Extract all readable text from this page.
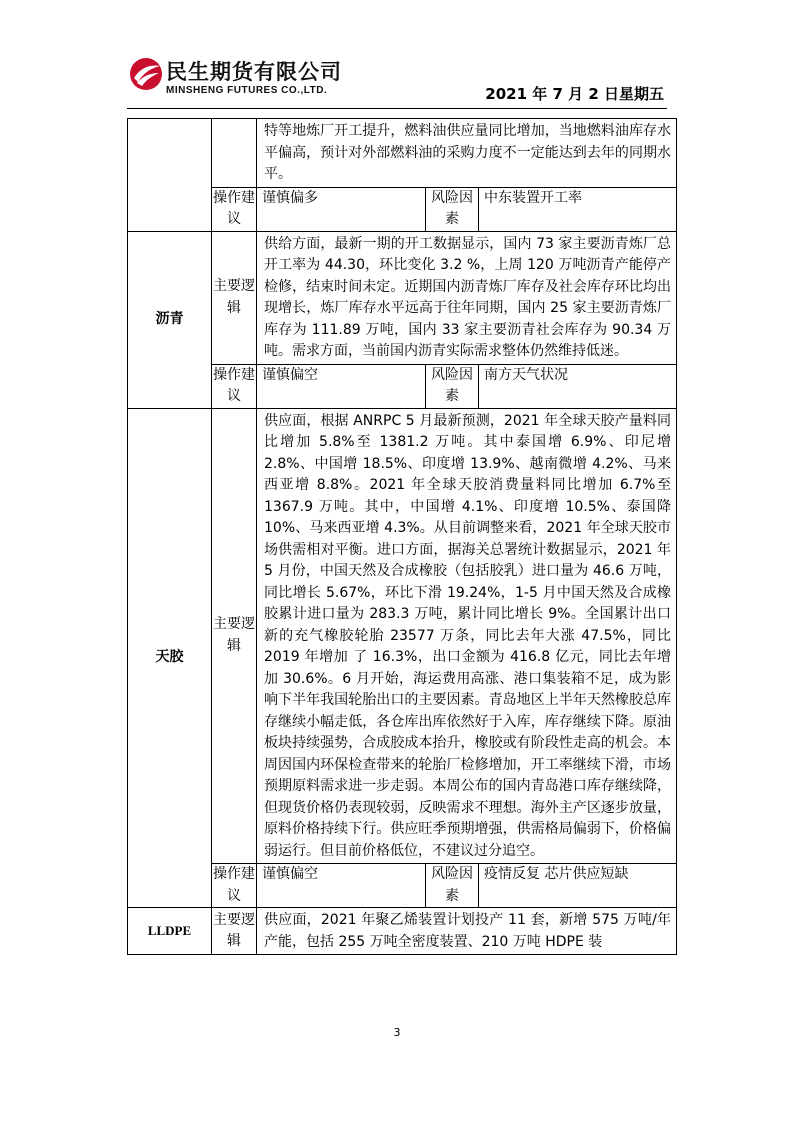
民生期货有限公司
MINSHENG FUTURES CO.,LTD.	2021 年 7 月 2 日星期五
		特等地炼厂开工提升，燃料油供应量同比增加，当地燃料油库存水平偏高，预计对外部燃料油的采购力度不一定能达到去年的同期水平。		
	操作建议	谨慎偏多	风险因素	中东装置开工率
沥青	主要逻辑	供给方面，最新一期的开工数据显示，国内 73 家主要沥青炼厂总开工率为 44.30，环比变化 3.2 %，上周 120 万吨沥青产能停产检修，结束时间未定。近期国内沥青炼厂库存及社会库存环比均出现增长，炼厂库存水平远高于往年同期，国内 25 家主要沥青炼厂库存为 111.89 万吨，国内 33 家主要沥青社会库存为 90.34 万吨。需求方面，当前国内沥青实际需求整体仍然维持低迷。		
	操作建议	谨慎偏空	风险因素	南方天气状况
天胶	主要逻辑	供应面，根据 ANRPC 5 月最新预测，2021 年全球天胶产量料同比增加 5.8%至 1381.2 万吨。其中泰国增 6.9%、印尼增 2.8%、中国增 18.5%、印度增 13.9%、越南微增 4.2%、马来西亚增 8.8%。2021 年全球天胶消费量料同比增加 6.7%至 1367.9 万吨。其中，中国增 4.1%、印度增 10.5%、泰国降 10%、马来西亚增 4.3%。从目前调整来看，2021 年全球天胶市场供需相对平衡。进口方面，据海关总署统计数据显示，2021 年 5 月份，中国天然及合成橡胶（包括胶乳）进口量为 46.6 万吨，同比增长 5.67%，环比下滑 19.24%，1-5 月中国天然及合成橡胶累计进口量为 283.3 万吨，累计同比增长 9%。全国累计出口新的充气橡胶轮胎 23577 万条，同比去年大涨 47.5%，同比 2019 年增加 了 16.3%，出口金额为 416.8 亿元，同比去年增加 30.6%。6 月开始，海运费用高涨、港口集装箱不足，成为影响下半年我国轮胎出口的主要因素。青岛地区上半年天然橡胶总库存继续小幅走低，各仓库出库依然好于入库，库存继续下降。原油板块持续强势，合成胶成本抬升，橡胶或有阶段性走高的机会。本周因国内环保检查带来的轮胎厂检修增加，开工率继续下滑，市场预期原料需求进一步走弱。本周公布的国内青岛港口库存继续降，但现货价格仍表现较弱，反映需求不理想。海外主产区逐步放量，原料价格持续下行。供应旺季预期增强，供需格局偏弱下，价格偏弱运行。但目前价格低位，不建议过分追空。		
	操作建议	谨慎偏空	风险因素	疫情反复 芯片供应短缺
LLDPE	主要逻辑	供应面，2021 年聚乙烯装置计划投产 11 套，新增 575 万吨/年产能，包括 255 万吨全密度装置、210 万吨 HDPE 装		
3
